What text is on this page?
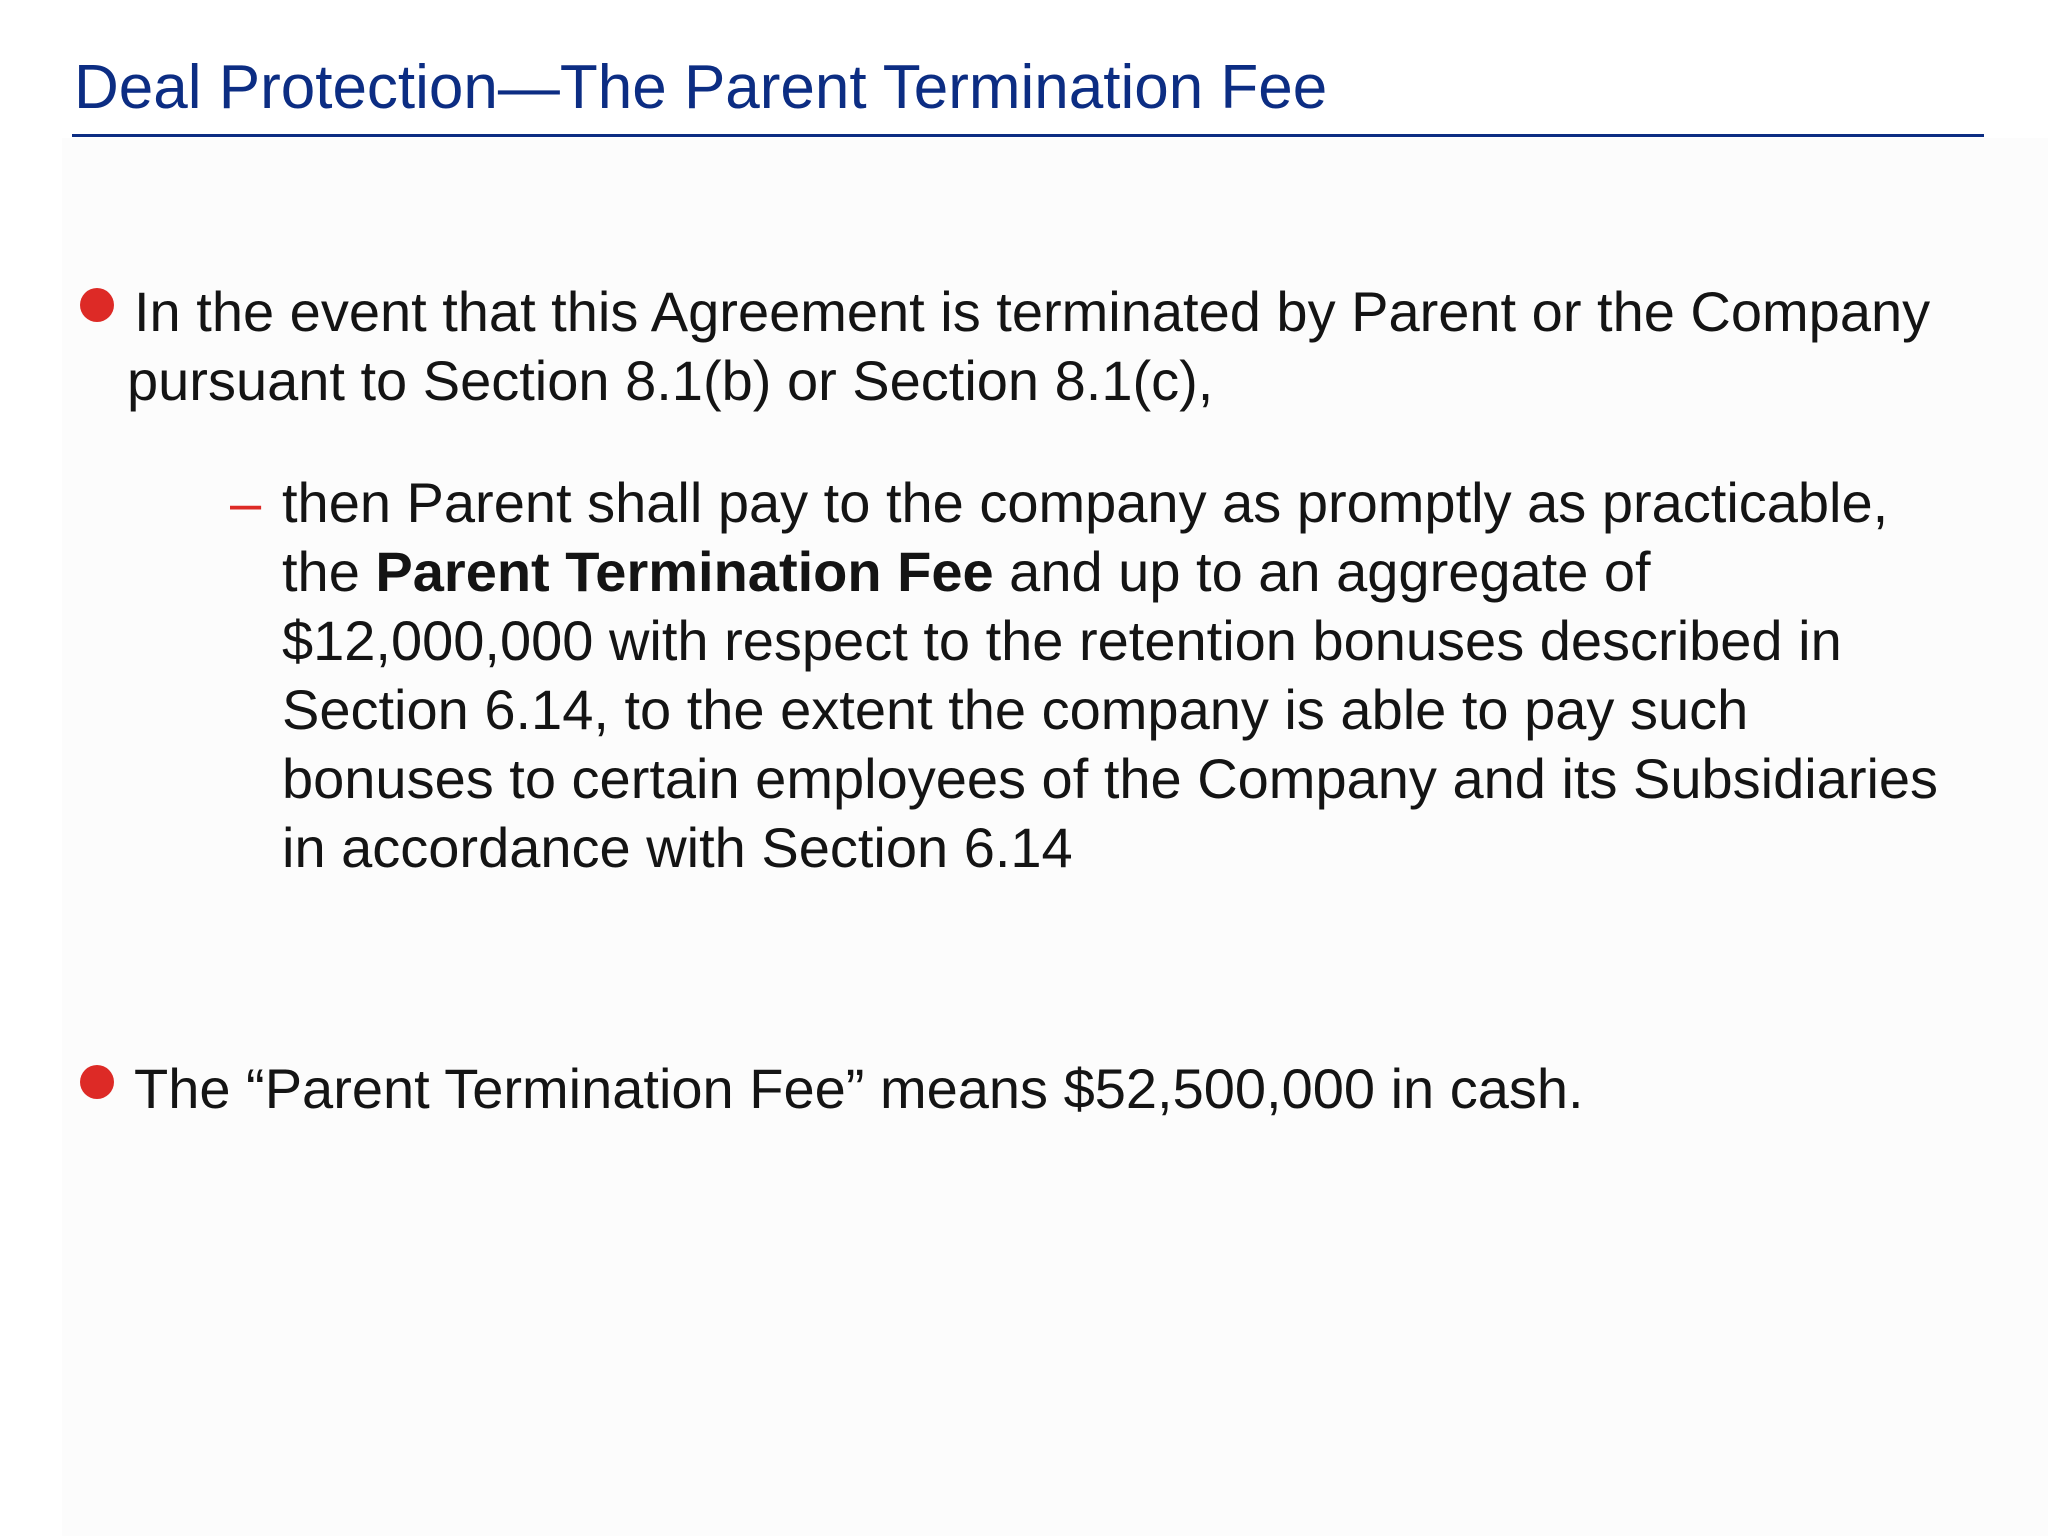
Deal Protection—The Parent Termination Fee
In the event that this Agreement is terminated by Parent or the Company
pursuant to Section 8.1(b) or Section 8.1(c),
– then Parent shall pay to the company as promptly as practicable,
the Parent Termination Fee and up to an aggregate of
$12,000,000 with respect to the retention bonuses described in
Section 6.14, to the extent the company is able to pay such
bonuses to certain employees of the Company and its Subsidiaries
in accordance with Section 6.14
The “Parent Termination Fee” means $52,500,000 in cash.
